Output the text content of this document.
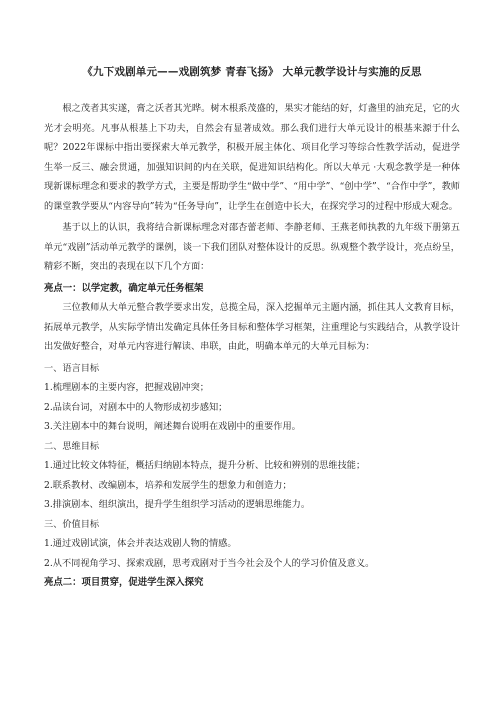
《九下戏剧单元——戏剧筑梦 青春飞扬》 大单元教学设计与实施的反思

根之茂者其实遂，膏之沃者其光晔。树木根系茂盛的，果实才能结的好，灯盏里的油充足，它的火光才会明亮。凡事从根基上下功夫，自然会有显著成效。那么我们进行大单元设计的根基来源于什么呢？2022年课标中指出要探索大单元教学，积极开展主体化、项目化学习等综合性教学活动，促进学生举一反三、融会贯通，加强知识间的内在关联，促进知识结构化。所以大单元 ·大观念教学是一种体现新课标理念和要求的教学方式，主要是帮助学生“做中学”、“用中学”、“创中学”、“合作中学”，教师的课堂教学要从“内容导向”转为“任务导向”，让学生在创造中长大，在探究学习的过程中形成大观念。

基于以上的认识，我将结合新课标理念对邵杏蕾老师、李静老师、王燕老师执教的九年级下册第五单元“戏剧”活动单元教学的课例，谈一下我们团队对整体设计的反思。纵观整个教学设计，亮点纷呈，精彩不断，突出的表现在以下几个方面：

亮点一：以学定教，确定单元任务框架

三位教师从大单元整合教学要求出发，总揽全局，深入挖掘单元主题内涵，抓住其人文教育目标，拓展单元教学，从实际学情出发确定具体任务目标和整体学习框架，注重理论与实践结合，从教学设计出发做好整合，对单元内容进行解读、串联，由此，明确本单元的大单元目标为：

一、语言目标

1.梳理剧本的主要内容，把握戏剧冲突；

2.品读台词，对剧本中的人物形成初步感知；

3.关注剧本中的舞台说明，阐述舞台说明在戏剧中的重要作用。

二、思维目标

1.通过比较文体特征，概括归纳剧本特点，提升分析、比较和辨别的思维技能；

2.联系教材、改编剧本，培养和发展学生的想象力和创造力；

3.排演剧本、组织演出，提升学生组织学习活动的逻辑思维能力。

三、价值目标

1.通过戏剧试演，体会并表达戏剧人物的情感。

2.从不同视角学习、探索戏剧，思考戏剧对于当今社会及个人的学习价值及意义。

亮点二：项目贯穿，促进学生深入探究
